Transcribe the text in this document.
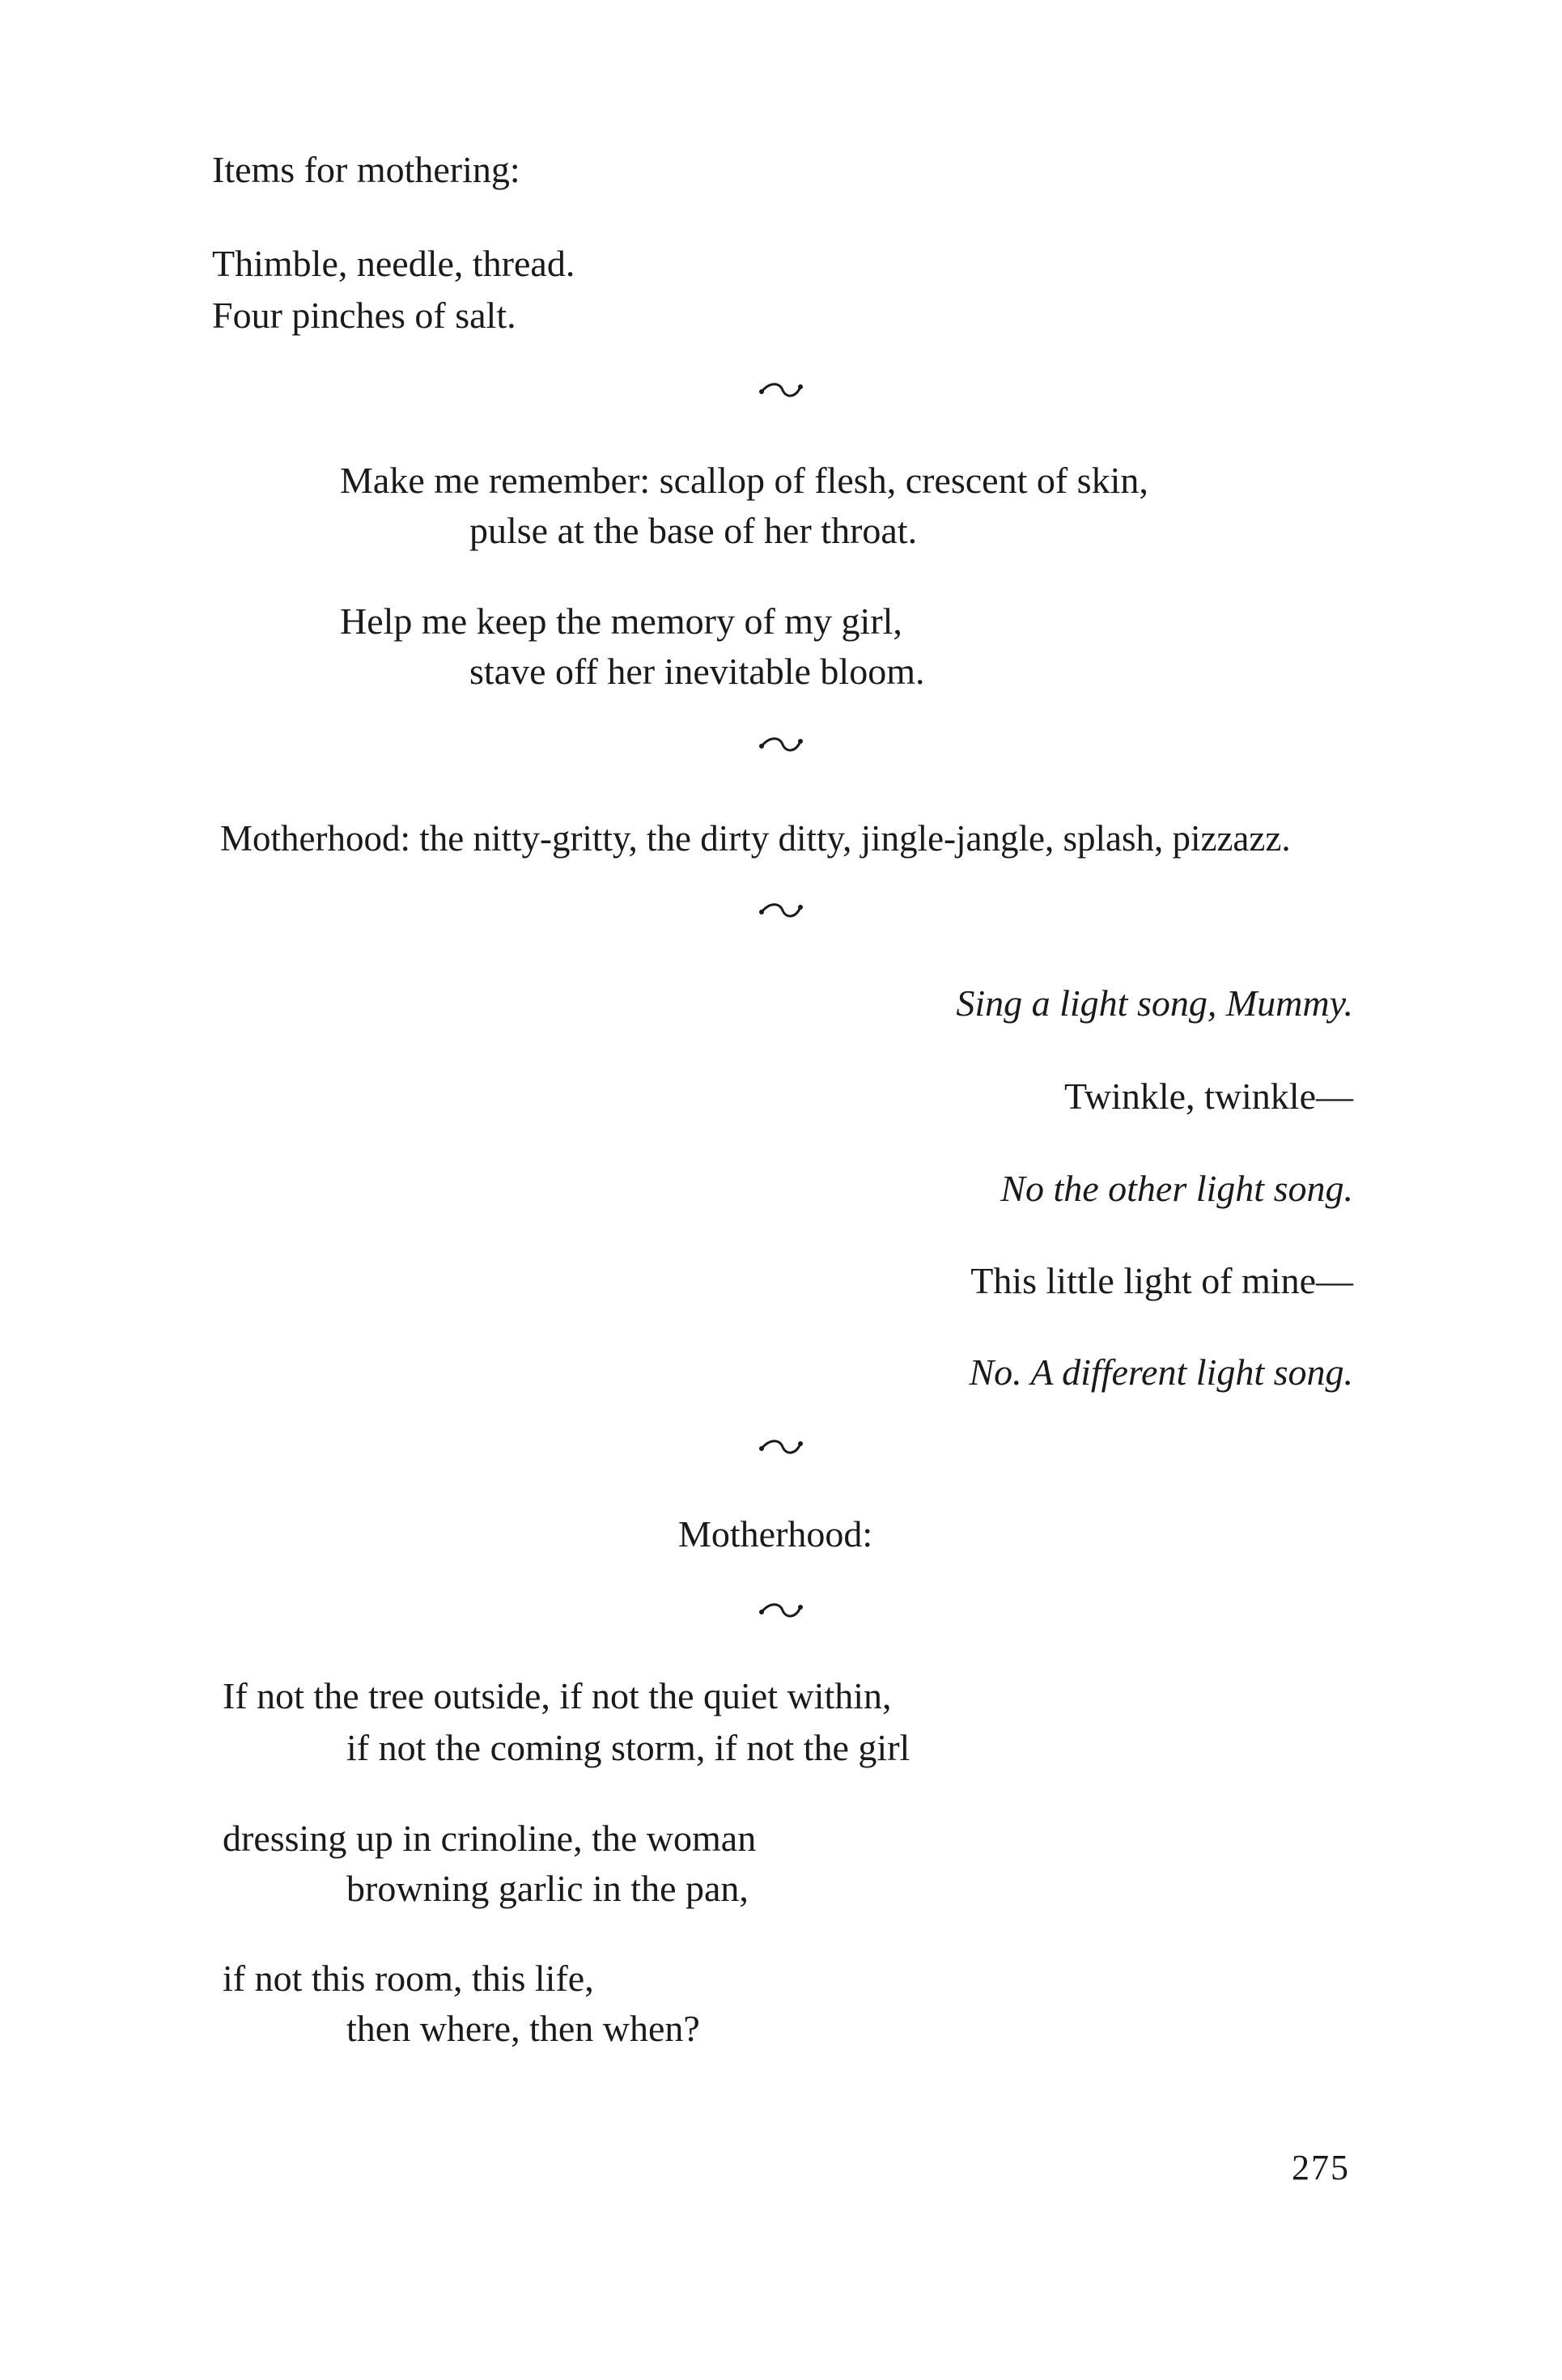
Items for mothering:
Thimble, needle, thread.
Four pinches of salt.
Make me remember: scallop of flesh, crescent of skin,
pulse at the base of her throat.
Help me keep the memory of my girl,
stave off her inevitable bloom.
Motherhood: the nitty-gritty, the dirty ditty, jingle-jangle, splash, pizzazz.
Sing a light song, Mummy.
Twinkle, twinkle—
No the other light song.
This little light of mine—
No. A different light song.
Motherhood:
If not the tree outside, if not the quiet within,
if not the coming storm, if not the girl
dressing up in crinoline, the woman
browning garlic in the pan,
if not this room, this life,
then where, then when?
275
